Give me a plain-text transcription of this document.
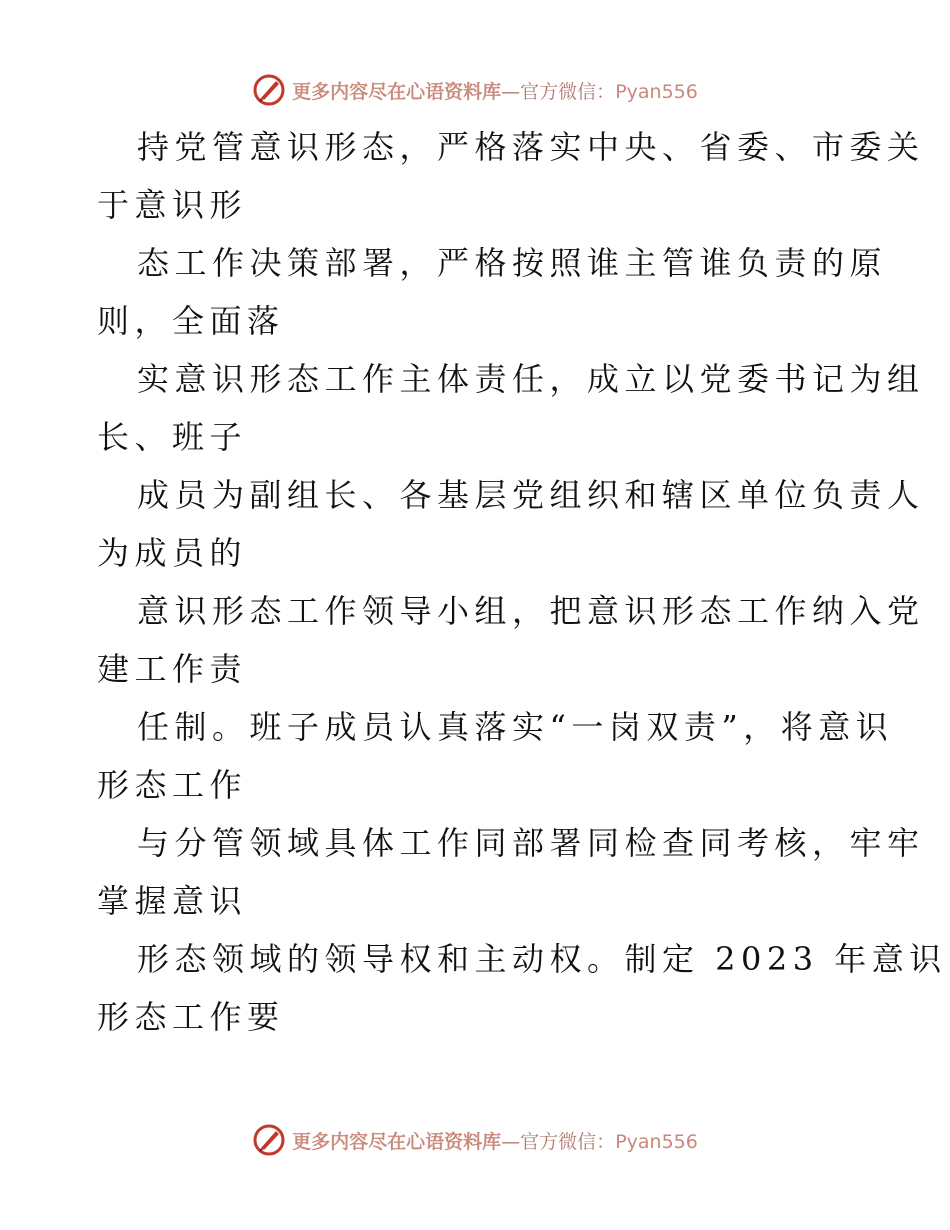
更多内容尽在心语资料库—官方微信：Pyan556
持党管意识形态，严格落实中央、省委、市委关
于意识形
态工作决策部署，严格按照谁主管谁负责的原
则，全面落
实意识形态工作主体责任，成立以党委书记为组
长、班子
成员为副组长、各基层党组织和辖区单位负责人
为成员的
意识形态工作领导小组，把意识形态工作纳入党
建工作责
任制。班子成员认真落实“一岗双责”，将意识
形态工作
与分管领域具体工作同部署同检查同考核，牢牢
掌握意识
形态领域的领导权和主动权。制定 2023 年意识
形态工作要
更多内容尽在心语资料库—官方微信：Pyan556
